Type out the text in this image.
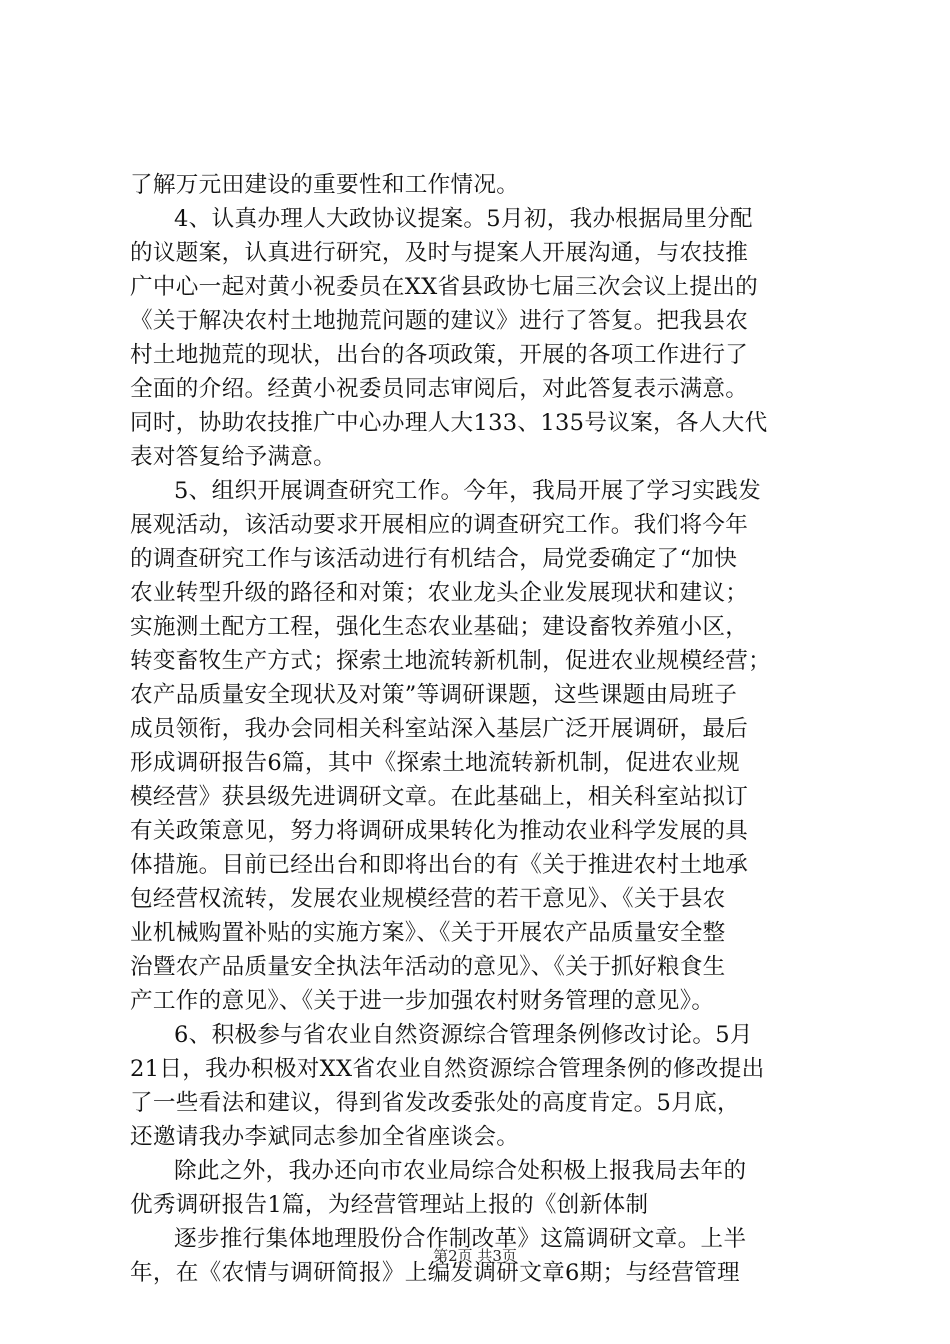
了解万元田建设的重要性和工作情况。
4、认真办理人大政协议提案。5月初，我办根据局里分配
的议题案，认真进行研究，及时与提案人开展沟通，与农技推
广中心一起对黄小祝委员在XX省县政协七届三次会议上提出的
《关于解决农村土地抛荒问题的建议》进行了答复。把我县农
村土地抛荒的现状，出台的各项政策，开展的各项工作进行了
全面的介绍。经黄小祝委员同志审阅后，对此答复表示满意。
同时，协助农技推广中心办理人大133、135号议案，各人大代
表对答复给予满意。
5、组织开展调查研究工作。今年，我局开展了学习实践发
展观活动，该活动要求开展相应的调查研究工作。我们将今年
的调查研究工作与该活动进行有机结合，局党委确定了“加快
农业转型升级的路径和对策；农业龙头企业发展现状和建议；
实施测土配方工程，强化生态农业基础；建设畜牧养殖小区，
转变畜牧生产方式；探索土地流转新机制，促进农业规模经营；
农产品质量安全现状及对策”等调研课题，这些课题由局班子
成员领衔，我办会同相关科室站深入基层广泛开展调研，最后
形成调研报告6篇，其中《探索土地流转新机制，促进农业规
模经营》获县级先进调研文章。在此基础上，相关科室站拟订
有关政策意见，努力将调研成果转化为推动农业科学发展的具
体措施。目前已经出台和即将出台的有《关于推进农村土地承
包经营权流转，发展农业规模经营的若干意见》、《关于县农
业机械购置补贴的实施方案》、《关于开展农产品质量安全整
治暨农产品质量安全执法年活动的意见》、《关于抓好粮食生
产工作的意见》、《关于进一步加强农村财务管理的意见》。
6、积极参与省农业自然资源综合管理条例修改讨论。5月
21日，我办积极对XX省农业自然资源综合管理条例的修改提出
了一些看法和建议，得到省发改委张处的高度肯定。5月底，
还邀请我办李斌同志参加全省座谈会。
除此之外，我办还向市农业局综合处积极上报我局去年的
优秀调研报告1篇，为经营管理站上报的《创新体制
逐步推行集体地理股份合作制改革》这篇调研文章。上半
年，在《农情与调研简报》上编发调研文章6期；与经营管理
第2页 共3页
